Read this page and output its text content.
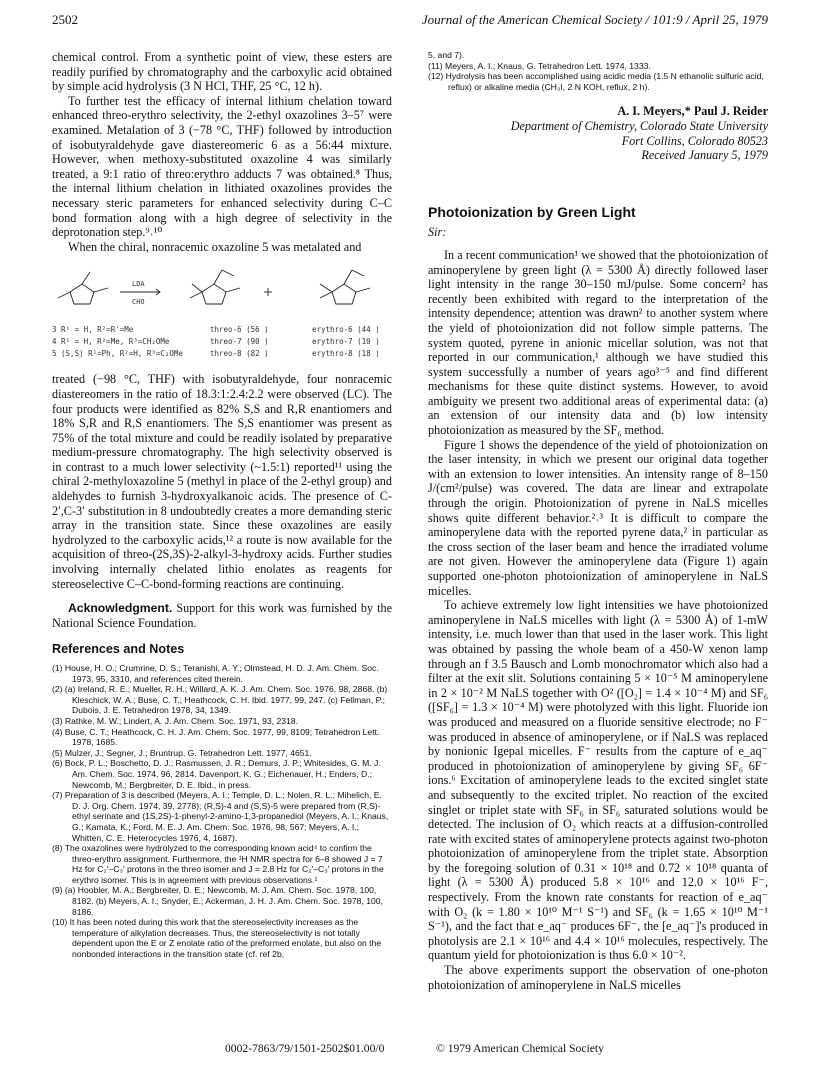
2502	Journal of the American Chemical Society / 101:9 / April 25, 1979

chemical control. From a synthetic point of view, these esters are readily purified by chromatography and the carboxylic acid obtained by simple acid hydrolysis (3 N HCl, THF, 25 °C, 12 h).

To further test the efficacy of internal lithium chelation toward enhanced threo-erythro selectivity, the 2-ethyl oxazolines 3–5⁷ were examined. Metalation of 3 (−78 °C, THF) followed by introduction of isobutyraldehyde gave diastereomeric 6 as a 56:44 mixture. However, when methoxy-substituted oxazoline 4 was similarly treated, a 9:1 ratio of threo:erythro adducts 7 was obtained.⁸ Thus, the internal lithium chelation in lithiated oxazolines provides the necessary steric parameters for enhanced selectivity during C–C bond formation along with a high degree of selectivity in the deprotonation step.⁹˒¹⁰

When the chiral, nonracemic oxazoline 5 was metalated and

LDA
CHO
3 R¹ = H, R²=R'=Me	threo-6 (56 )	erythro-6 (44 )
4 R¹ = H, R²=Me, R³=CH₂OMe	threo-7 (90 )	erythro-7 (10 )
5 (S,S) R¹=Ph, R²=H, R³=C₂OMe	threo-8 (82 )	erythro-8 (18 )

treated (−98 °C, THF) with isobutyraldehyde, four nonracemic diastereomers in the ratio of 18.3:1:2.4:2.2 were observed (LC). The four products were identified as 82% S,S and R,R enantiomers and 18% S,R and R,S enantiomers. The S,S enantiomer was present as 75% of the total mixture and could be readily isolated by preparative medium-pressure chromatography. The high selectivity observed is in contrast to a much lower selectivity (~1.5:1) reported¹¹ using the chiral 2-methyloxazoline 5 (methyl in place of the 2-ethyl group) and aldehydes to furnish 3-hydroxyalkanoic acids. The presence of C-2′,C-3′ substitution in 8 undoubtedly creates a more demanding steric array in the transition state. Since these oxazolines are easily hydrolyzed to the carboxylic acids,¹² a route is now available for the acquisition of threo-(2S,3S)-2-alkyl-3-hydroxy acids. Further studies involving internally chelated lithio enolates as reagents for stereoselective C–C-bond-forming reactions are continuing.

Acknowledgment. Support for this work was furnished by the National Science Foundation.

References and Notes

(1) House, H. O.; Crumrine, D. S.; Teranishi, A. Y.; Olmstead, H. D. J. Am. Chem. Soc. 1973, 95, 3310, and references cited therein.

(2) (a) Ireland, R. E.; Mueller, R. H.; Willard, A. K. J. Am. Chem. Soc. 1976, 98, 2868. (b) Kleschick, W. A.; Buse, C. T.; Heathcock, C. H. Ibid. 1977, 99, 247. (c) Fellman, P.; Dubois, J. E. Tetrahedron 1978, 34, 1349.

(3) Rathke, M. W.; Lindert, A. J. Am. Chem. Soc. 1971, 93, 2318.

(4) Buse, C. T.; Heathcock, C. H. J. Am. Chem. Soc. 1977, 99, 8109; Tetrahedron Lett. 1978, 1685.

(5) Mulzer, J.; Segner, J.; Bruntrup, G. Tetrahedron Lett. 1977, 4651.

(6) Bock, P. L.; Boschetto, D. J.; Rasmussen, J. R.; Demurs, J. P.; Whitesides, G. M. J. Am. Chem. Soc. 1974, 96, 2814. Davenport, K. G.; Eichenauer, H.; Enders, D.; Newcomb, M.; Bergbreiter, D. E. Ibid., in press.

(7) Preparation of 3 is described (Meyers, A. I.; Temple, D. L.; Nolen, R. L.; Mihelich, E. D. J. Org. Chem. 1974, 39, 2778); (R,S)-4 and (S,S)-5 were prepared from (R,S)-ethyl serinate and (1S,2S)-1-phenyl-2-amino-1,3-propanediol (Meyers, A. I.; Knaus, G.; Kamata, K.; Ford, M. E. J. Am. Chem. Soc. 1976, 98, 567; Meyers, A. I.; Whitten, C. E. Heterocycles 1976, 4, 1687).

(8) The oxazolines were hydrolyzed to the corresponding known acid⁴ to confirm the threo-erythro assignment. Furthermore, the ¹H NMR spectra for 6–8 showed J = 7 Hz for C₂′–C₃′ protons in the threo isomer and J = 2.8 Hz for C₂′–C₃′ protons in the erythro isomer. This is in agreement with previous observations.¹

(9) (a) Hoobler, M. A.; Bergbreiter, D. E.; Newcomb, M. J. Am. Chem. Soc. 1978, 100, 8182. (b) Meyers, A. I.; Snyder, E.; Ackerman, J. H. J. Am. Chem. Soc. 1978, 100, 8186.

(10) It has been noted during this work that the stereoselectivity increases as the temperature of alkylation decreases. Thus, the stereoselectivity is not totally dependent upon the E or Z enolate ratio of the preformed enolate, but also on the nonbonded interactions in the transition state (cf. ref 2b,

5, and 7).

(11) Meyers, A. I.; Knaus, G. Tetrahedron Lett. 1974, 1333.

(12) Hydrolysis has been accomplished using acidic media (1.5 N ethanolic sulfuric acid, reflux) or alkaline media (CH₃I, 2 N KOH, reflux, 2 h).

A. I. Meyers,* Paul J. Reider
Department of Chemistry, Colorado State University
Fort Collins, Colorado 80523
Received January 5, 1979
Photoionization by Green Light
Sir:

In a recent communication¹ we showed that the photoionization of aminoperylene by green light (λ = 5300 Å) directly followed laser light intensity in the range 30–150 mJ/pulse. Some concern² has recently been exhibited with regard to the interpretation of the intensity dependence; attention was drawn² to another system where the yield of photoionization did not follow simple patterns. The system quoted, pyrene in anionic micellar solution, was not that reported in our communication,¹ although we have studied this system successfully a number of years ago³⁻⁵ and find different mechanisms for these quite distinct systems. However, to avoid ambiguity we present two additional areas of experimental data: (a) an extension of our intensity data and (b) low intensity photoionization as measured by the SF₆ method.

Figure 1 shows the dependence of the yield of photoionization on the laser intensity, in which we present our original data together with an extension to lower intensities. An intensity range of 8–150 J/(cm²/pulse) was covered. The data are linear and extrapolate through the origin. Photoionization of pyrene in NaLS micelles shows quite different behavior.²˒³ It is difficult to compare the aminoperylene data with the reported pyrene data,² in particular as the cross section of the laser beam and hence the irradiated volume are not given. However the aminoperylene data (Figure 1) again supported one-photon photoionization of aminoperylene in NaLS micelles.

To achieve extremely low light intensities we have photoionized aminoperylene in NaLS micelles with light (λ = 5300 Å) of 1-mW intensity, i.e. much lower than that used in the laser work. This light was obtained by passing the whole beam of a 450-W xenon lamp through an f 3.5 Bausch and Lomb monochromator which also had a filter at the exit slit. Solutions containing 5 × 10⁻⁵ M aminoperylene in 2 × 10⁻² M NaLS together with O² ([O₂] = 1.4 × 10⁻⁴ M) and SF₆ ([SF₆] = 1.3 × 10⁻⁴ M) were photolyzed with this light. Fluoride ion was produced and measured on a fluoride sensitive electrode; no F⁻ was produced in absence of aminoperylene, or if NaLS was replaced by nonionic Igepal micelles. F⁻ results from the capture of e_aq⁻ produced in photoionization of aminoperylene by giving SF₆ 6F⁻ ions.⁶ Excitation of aminoperylene leads to the excited singlet state and subsequently to the excited triplet. No reaction of the excited singlet or triplet state with SF₆ in SF₆ saturated solutions would be detected. The inclusion of O₂ which reacts at a diffusion-controlled rate with excited states of aminoperylene protects against two-photon photoionization of aminoperylene from the triplet state. Absorption by the foregoing solution of 0.31 × 10¹⁸ and 0.72 × 10¹⁸ quanta of light (λ = 5300 Å) produced 5.8 × 10¹⁶ and 12.0 × 10¹⁶ F⁻, respectively. From the known rate constants for reaction of e_aq⁻ with O₂ (k = 1.80 × 10¹⁰ M⁻¹ S⁻¹) and SF₆ (k = 1.65 × 10¹⁰ M⁻¹ S⁻¹), and the fact that e_aq⁻ produces 6F⁻, the [e_aq⁻]'s produced in photolysis are 2.1 × 10¹⁶ and 4.4 × 10¹⁶ molecules, respectively. The quantum yield for photoionization is thus 6.0 × 10⁻².

The above experiments support the observation of one-photon photoionization of aminoperylene in NaLS micelles

0002-7863/79/1501-2502$01.00/0	© 1979 American Chemical Society
